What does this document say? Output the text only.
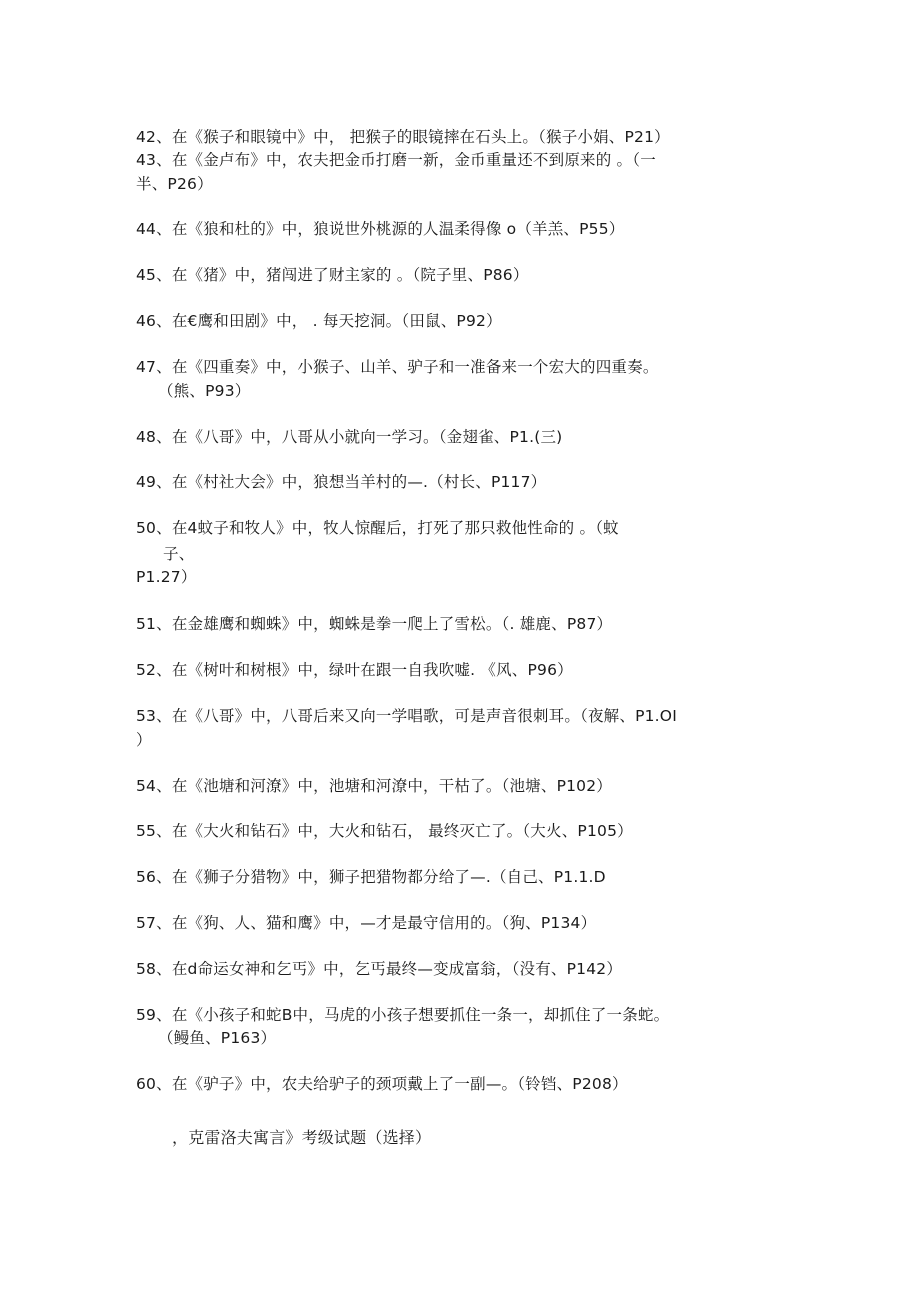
42、在《猴子和眼镜中》中， 把猴子的眼镜摔在石头上。（猴子小娟、P21）
43、在《金卢布》中，农夫把金币打磨一新，金币重量还不到原来的 。（一
半、P26）
44、在《狼和杜的》中，狼说世外桃源的人温柔得像 o（羊羔、P55）
45、在《猪》中，猪闯进了财主家的 。（院子里、P86）
46、在€鹰和田剧》中， . 每天挖洞。（田鼠、P92）
47、在《四重奏》中，小猴子、山羊、驴子和一准备来一个宏大的四重奏。
（熊、P93）
48、在《八哥》中，八哥从小就向一学习。（金翅雀、P1.(三)
49、在《村社大会》中，狼想当羊村的—.（村长、P117）
50、在4蚊子和牧人》中，牧人惊醒后，打死了那只救他性命的 。（蚊
子、
P1.27）
51、在金雄鹰和蜘蛛》中，蜘蛛是拳一爬上了雪松。（. 雄鹿、P87）
52、在《树叶和树根》中，绿叶在跟一自我吹嘘. 《风、P96）
53、在《八哥》中，八哥后来又向一学唱歌，可是声音很刺耳。（夜解、P1.OI
）
54、在《池塘和河潦》中，池塘和河潦中，干枯了。（池塘、P102）
55、在《大火和钻石》中，大火和钻石， 最终灭亡了。（大火、P105）
56、在《狮子分猎物》中，狮子把猎物都分给了—.（自己、P1.1.D
57、在《狗、人、猫和鹰》中，—才是最守信用的。（狗、P134）
58、在d命运女神和乞丐》中，乞丐最终—变成富翁，（没有、P142）
59、在《小孩子和蛇B中，马虎的小孩子想要抓住一条一，却抓住了一条蛇。
（鳗鱼、P163）
60、在《驴子》中，农夫给驴子的颈项戴上了一副—。（铃铛、P208）
，克雷洛夫寓言》考级试题（选择）
